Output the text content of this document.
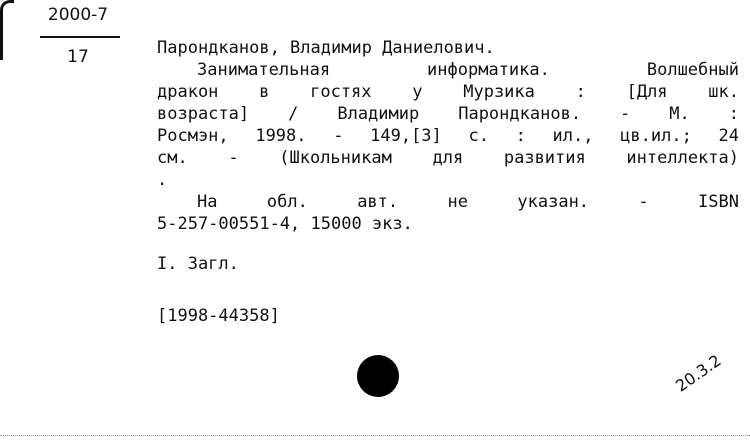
2000-7
17	Парондканов, Владимир Даниелович.

Занимательная информатика. Волшебный

дракон в гостях у Мурзика : [Для шк.

возраста] / Владимир Парондканов. - М. :

Росмэн, 1998. - 149,[3] с. : ил., цв.ил.; 24

см. - (Школьникам для развития интеллекта)

.

На обл. авт. не указан. - ISBN

5-257-00551-4, 15000 экз.

I. Загл.

[1998-44358]

20.3.2
